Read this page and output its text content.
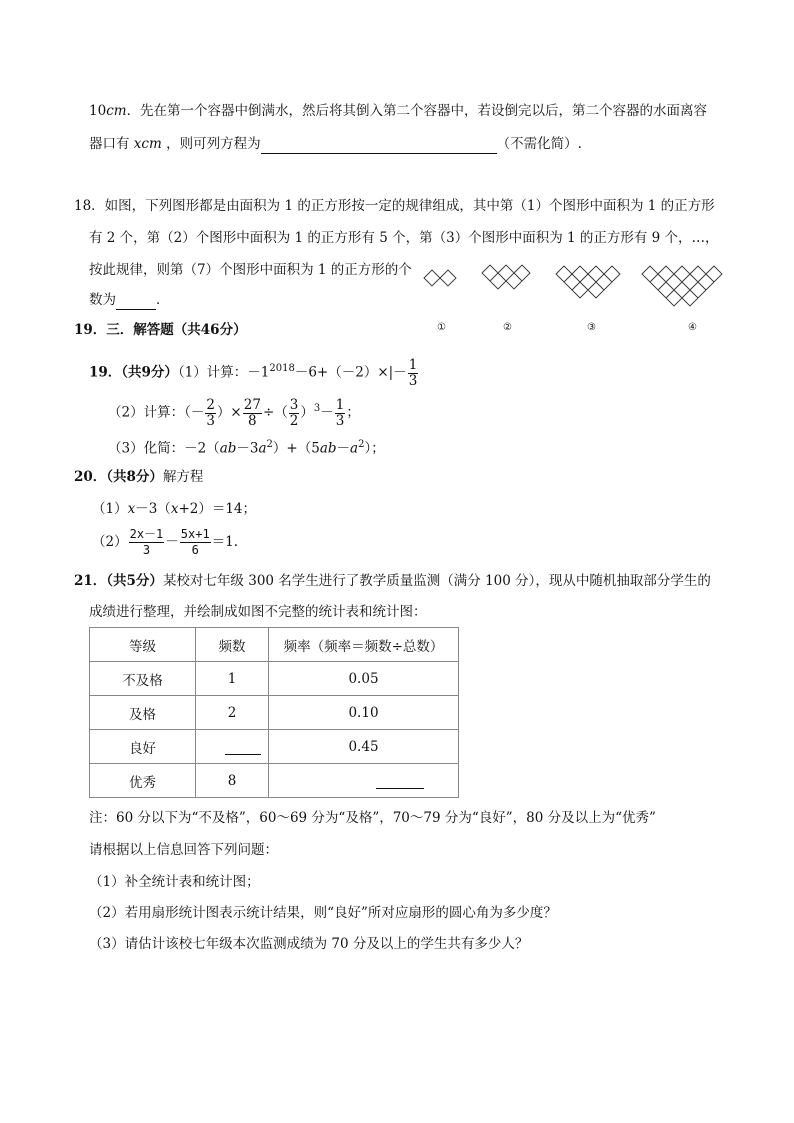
10cm．先在第一个容器中倒满水，然后将其倒入第二个容器中，若设倒完以后，第二个容器的水面离容
器口有 xcm ，则可列方程为	（不需化简）.
18．如图，下列图形都是由面积为 1 的正方形按一定的规律组成，其中第（1）个图形中面积为 1 的正方形
有 2 个，第（2）个图形中面积为 1 的正方形有 5 个，第（3）个图形中面积为 1 的正方形有 9 个，…，
按此规律，则第（7）个图形中面积为 1 的正方形的个
数为	．
①	②	③	④
19．三．解答题（共46分）
19．（共9分）（1）计算：$-1^{2018}-6+(-2)\times|- \frac{1}{3}$
（2）计算：（－ $\frac{2}{3}$ ）× $\frac{27}{8}$ ÷（ $\frac{3}{2} )^3- \frac{1}{3}$ ；
（3）化简：$-2(ab-3a^2)+(5ab-a^2)$；
20．（共8分）解方程
（1）x－3（x+2）＝14；
$(2) \frac{2x-1}{3} - \frac{5x+1}{6} =1$.
21．（共5分）某校对七年级 300 名学生进行了教学质量监测（满分 100 分），现从中随机抽取部分学生的
成绩进行整理，并绘制成如图不完整的统计表和统计图：
等级	频数	频率（频率＝频数÷总数）
不及格	1	0.05
及格	2	0.10
良好		0.45
优秀	8	
注：60 分以下为“不及格”，60～69 分为“及格”，70～79 分为“良好”，80 分及以上为“优秀”
请根据以上信息回答下列问题：
（1）补全统计表和统计图；
（2）若用扇形统计图表示统计结果，则“良好”所对应扇形的圆心角为多少度？
（3）请估计该校七年级本次监测成绩为 70 分及以上的学生共有多少人？
